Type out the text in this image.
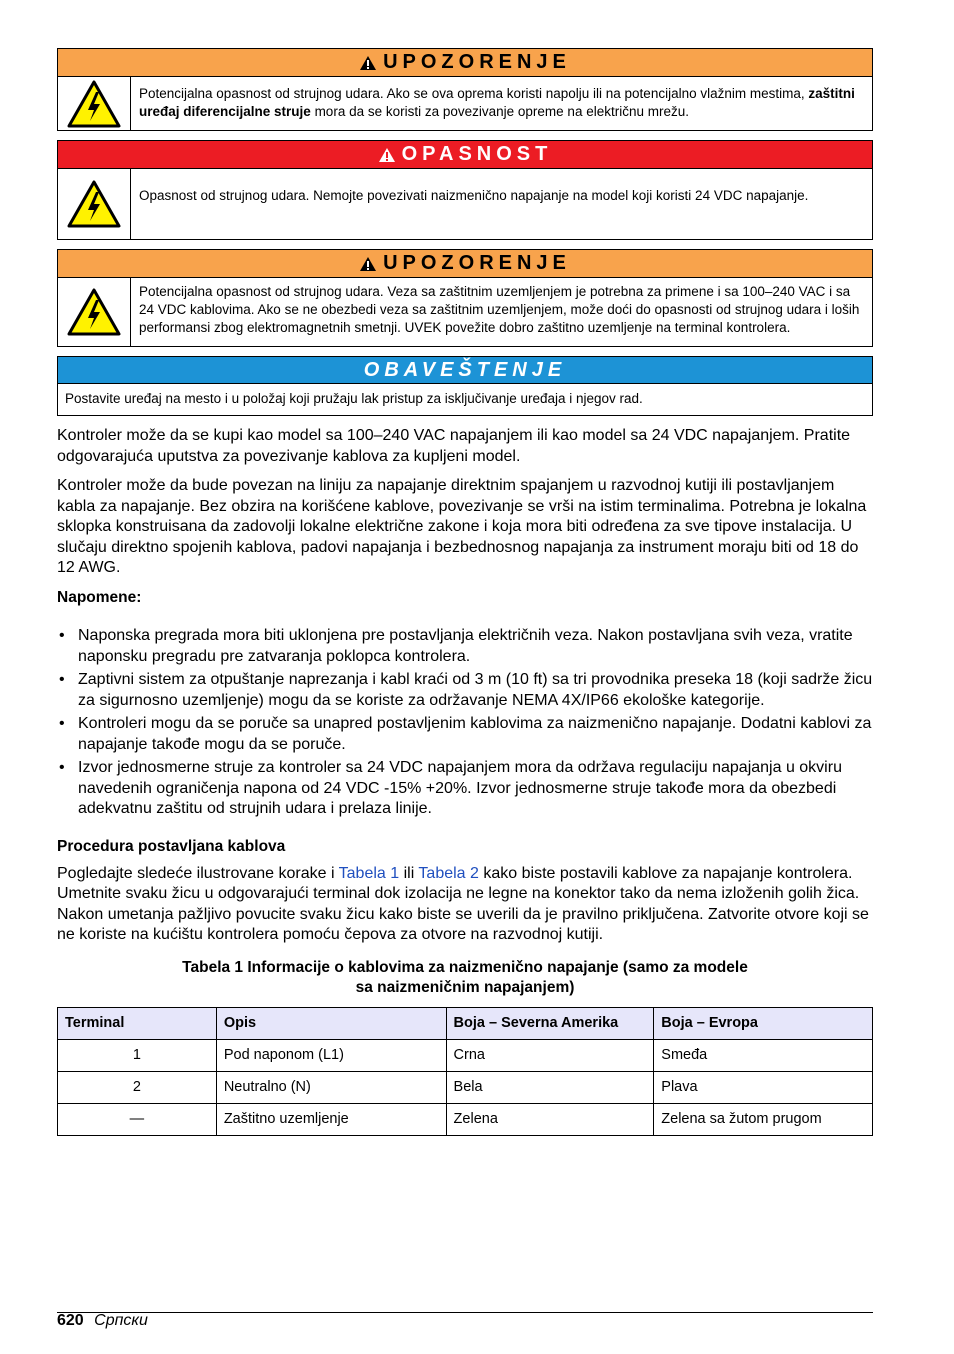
UPOZORENJE
Potencijalna opasnost od strujnog udara. Ako se ova oprema koristi napolju ili na potencijalno vlažnim mestima, zaštitni uređaj diferencijalne struje mora da se koristi za povezivanje opreme na električnu mrežu.
OPASNOST
Opasnost od strujnog udara. Nemojte povezivati naizmenično napajanje na model koji koristi 24 VDC napajanje.
UPOZORENJE
Potencijalna opasnost od strujnog udara. Veza sa zaštitnim uzemljenjem je potrebna za primene i sa 100–240 VAC i sa 24 VDC kablovima. Ako se ne obezbedi veza sa zaštitnim uzemljenjem, može doći do opasnosti od strujnog udara i loših performansi zbog elektromagnetnih smetnji. UVEK povežite dobro zaštitno uzemljenje na terminal kontrolera.
OBAVEŠTENJE
Postavite uređaj na mesto i u položaj koji pružaju lak pristup za isključivanje uređaja i njegov rad.

Kontroler može da se kupi kao model sa 100–240 VAC napajanjem ili kao model sa 24 VDC napajanjem. Pratite odgovarajuća uputstva za povezivanje kablova za kupljeni model.

Kontroler može da bude povezan na liniju za napajanje direktnim spajanjem u razvodnoj kutiji ili postavljanjem kabla za napajanje. Bez obzira na korišćene kablove, povezivanje se vrši na istim terminalima. Potrebna je lokalna sklopka konstruisana da zadovolji lokalne električne zakone i koja mora biti određena za sve tipove instalacija. U slučaju direktno spojenih kablova, padovi napajanja i bezbednosnog napajanja za instrument moraju biti od 18 do 12 AWG.

Napomene:

• Naponska pregrada mora biti uklonjena pre postavljanja električnih veza. Nakon postavljana svih veza, vratite naponsku pregradu pre zatvaranja poklopca kontrolera.
• Zaptivni sistem za otpuštanje naprezanja i kabl kraći od 3 m (10 ft) sa tri provodnika preseka 18 (koji sadrže žicu za sigurnosno uzemljenje) mogu da se koriste za održavanje NEMA 4X/IP66 ekološke kategorije.
• Kontroleri mogu da se poruče sa unapred postavljenim kablovima za naizmenično napajanje. Dodatni kablovi za napajanje takođe mogu da se poruče.
• Izvor jednosmerne struje za kontroler sa 24 VDC napajanjem mora da održava regulaciju napajanja u okviru navedenih ograničenja napona od 24 VDC -15% +20%. Izvor jednosmerne struje takođe mora da obezbedi adekvatnu zaštitu od strujnih udara i prelaza linije.
Procedura postavljana kablova

Pogledajte sledeće ilustrovane korake i Tabela 1 ili Tabela 2 kako biste postavili kablove za napajanje kontrolera. Umetnite svaku žicu u odgovarajući terminal dok izolacija ne legne na konektor tako da nema izloženih golih žica. Nakon umetanja pažljivo povucite svaku žicu kako biste se uverili da je pravilno priključena. Zatvorite otvore koji se ne koriste na kućištu kontrolera pomoću čepova za otvore na razvodnoj kutiji.

Tabela 1 Informacije o kablovima za naizmenično napajanje (samo za modele
sa naizmeničnim napajanjem)
Terminal	Opis	Boja – Severna Amerika	Boja – Evropa
1	Pod naponom (L1)	Crna	Smeđa
2	Neutralno (N)	Bela	Plava
—	Zaštitno uzemljenje	Zelena	Zelena sa žutom prugom
620 Српски
